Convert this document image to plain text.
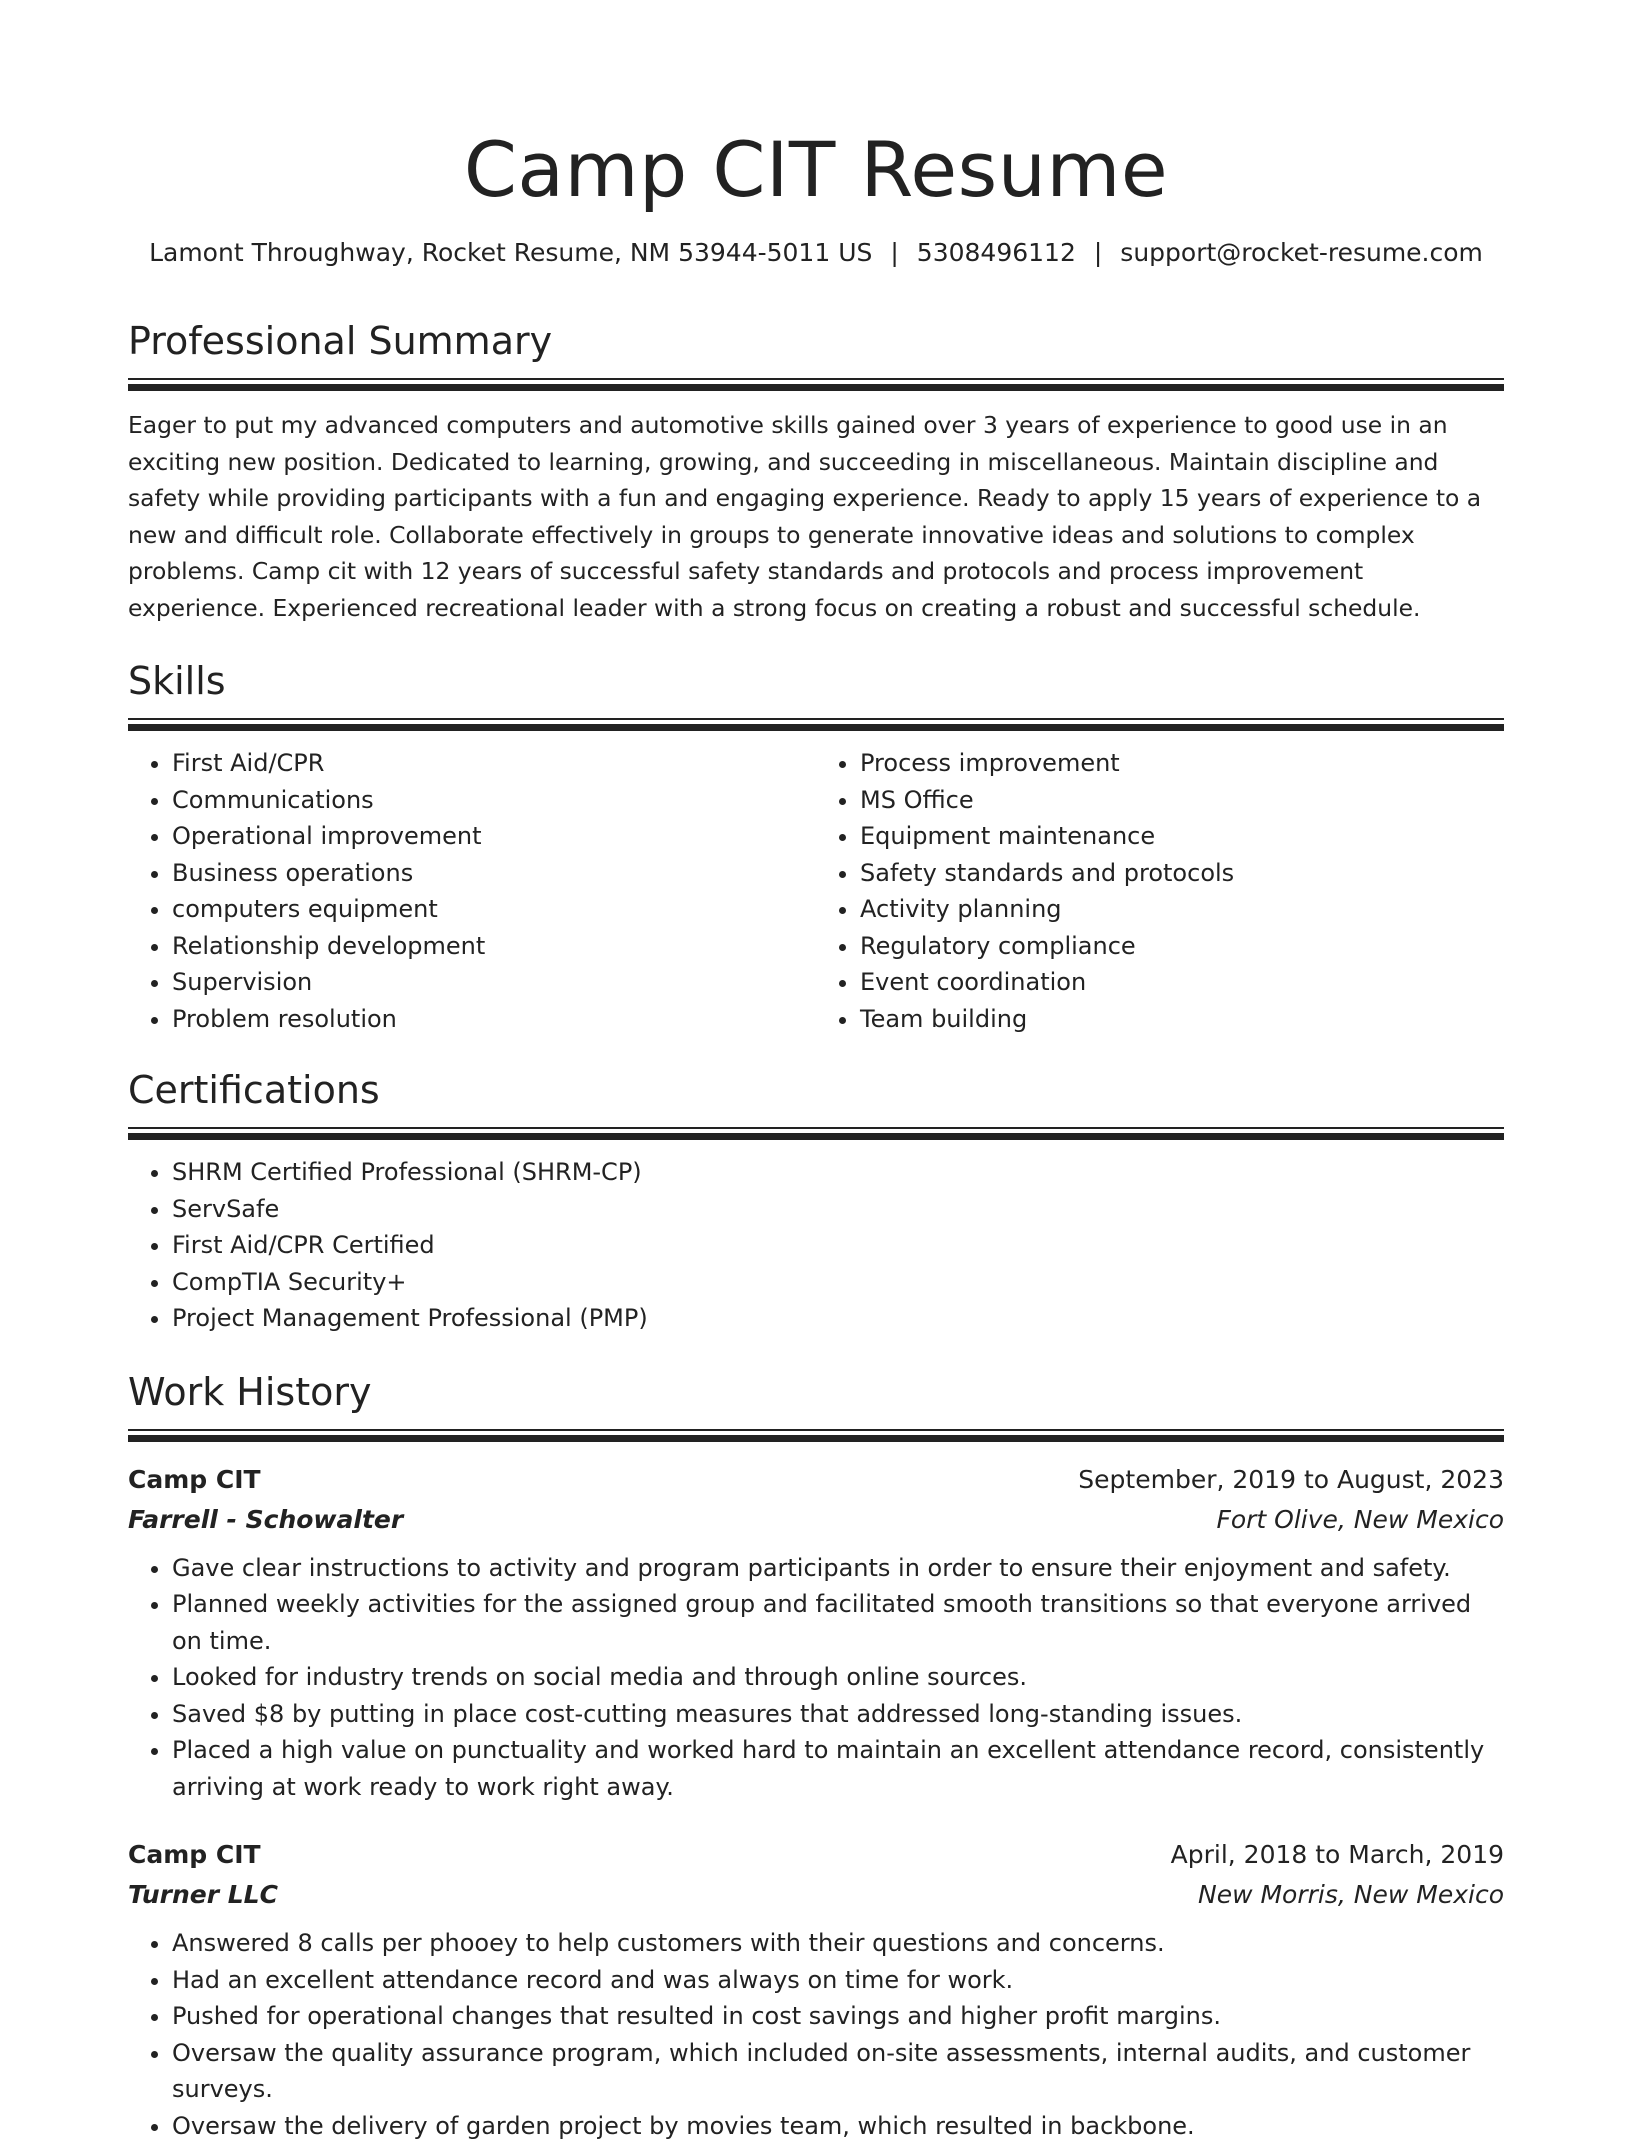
Camp CIT Resume
Lamont Throughway, Rocket Resume, NM 53944-5011 US | 5308496112 | support@rocket-resume.com
Professional Summary

Eager to put my advanced computers and automotive skills gained over 3 years of experience to good use in an exciting new position. Dedicated to learning, growing, and succeeding in miscellaneous. Maintain discipline and safety while providing participants with a fun and engaging experience. Ready to apply 15 years of experience to a new and difficult role. Collaborate effectively in groups to generate innovative ideas and solutions to complex problems. Camp cit with 12 years of successful safety standards and protocols and process improvement experience. Experienced recreational leader with a strong focus on creating a robust and successful schedule.

Skills
• First Aid/CPR
• Communications
• Operational improvement
• Business operations
• computers equipment
• Relationship development
• Supervision
• Problem resolution
• Process improvement
• MS Office
• Equipment maintenance
• Safety standards and protocols
• Activity planning
• Regulatory compliance
• Event coordination
• Team building
Certifications
• SHRM Certified Professional (SHRM-CP)
• ServSafe
• First Aid/CPR Certified
• CompTIA Security+
• Project Management Professional (PMP)
Work History
Camp CIT	September, 2019 to August, 2023
Farrell - Schowalter	Fort Olive, New Mexico
• Gave clear instructions to activity and program participants in order to ensure their enjoyment and safety.
• Planned weekly activities for the assigned group and facilitated smooth transitions so that everyone arrived on time.
• Looked for industry trends on social media and through online sources.
• Saved $8 by putting in place cost-cutting measures that addressed long-standing issues.
• Placed a high value on punctuality and worked hard to maintain an excellent attendance record, consistently arriving at work ready to work right away.
Camp CIT	April, 2018 to March, 2019
Turner LLC	New Morris, New Mexico
• Answered 8 calls per phooey to help customers with their questions and concerns.
• Had an excellent attendance record and was always on time for work.
• Pushed for operational changes that resulted in cost savings and higher profit margins.
• Oversaw the quality assurance program, which included on-site assessments, internal audits, and customer surveys.
• Oversaw the delivery of garden project by movies team, which resulted in backbone.
